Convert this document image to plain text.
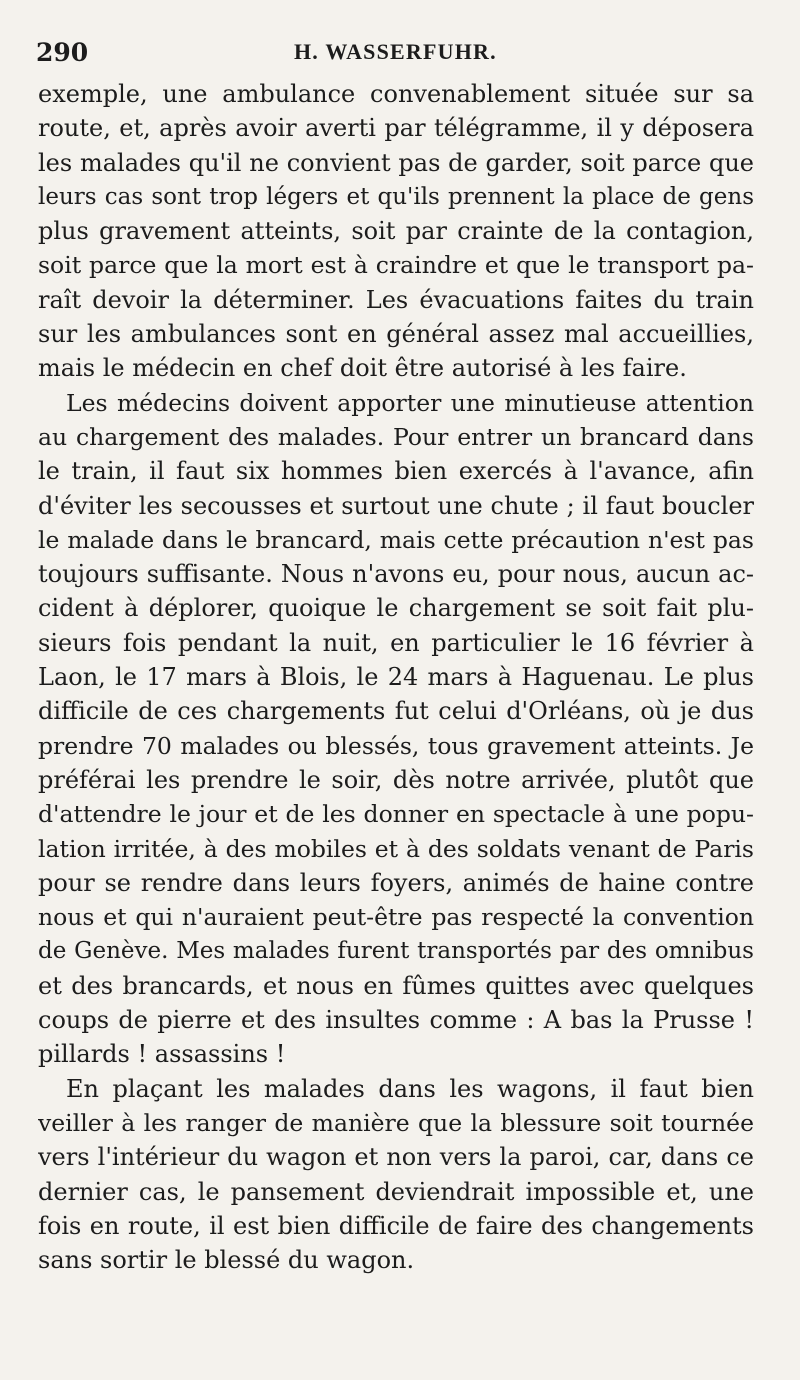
290	H. WASSERFUHR.
exemple, une ambulance convenablement située sur sa
route, et, après avoir averti par télégramme, il y déposera
les malades qu'il ne convient pas de garder, soit parce que
leurs cas sont trop légers et qu'ils prennent la place de gens
plus gravement atteints, soit par crainte de la contagion,
soit parce que la mort est à craindre et que le transport pa-
raît devoir la déterminer. Les évacuations faites du train
sur les ambulances sont en général assez mal accueillies,
mais le médecin en chef doit être autorisé à les faire.
Les médecins doivent apporter une minutieuse attention
au chargement des malades. Pour entrer un brancard dans
le train, il faut six hommes bien exercés à l'avance, afin
d'éviter les secousses et surtout une chute ; il faut boucler
le malade dans le brancard, mais cette précaution n'est pas
toujours suffisante. Nous n'avons eu, pour nous, aucun ac-
cident à déplorer, quoique le chargement se soit fait plu-
sieurs fois pendant la nuit, en particulier le 16 février à
Laon, le 17 mars à Blois, le 24 mars à Haguenau. Le plus
difficile de ces chargements fut celui d'Orléans, où je dus
prendre 70 malades ou blessés, tous gravement atteints. Je
préférai les prendre le soir, dès notre arrivée, plutôt que
d'attendre le jour et de les donner en spectacle à une popu-
lation irritée, à des mobiles et à des soldats venant de Paris
pour se rendre dans leurs foyers, animés de haine contre
nous et qui n'auraient peut-être pas respecté la convention
de Genève. Mes malades furent transportés par des omnibus
et des brancards, et nous en fûmes quittes avec quelques
coups de pierre et des insultes comme : A bas la Prusse !
pillards ! assassins !
En plaçant les malades dans les wagons, il faut bien
veiller à les ranger de manière que la blessure soit tournée
vers l'intérieur du wagon et non vers la paroi, car, dans ce
dernier cas, le pansement deviendrait impossible et, une
fois en route, il est bien difficile de faire des changements
sans sortir le blessé du wagon.
